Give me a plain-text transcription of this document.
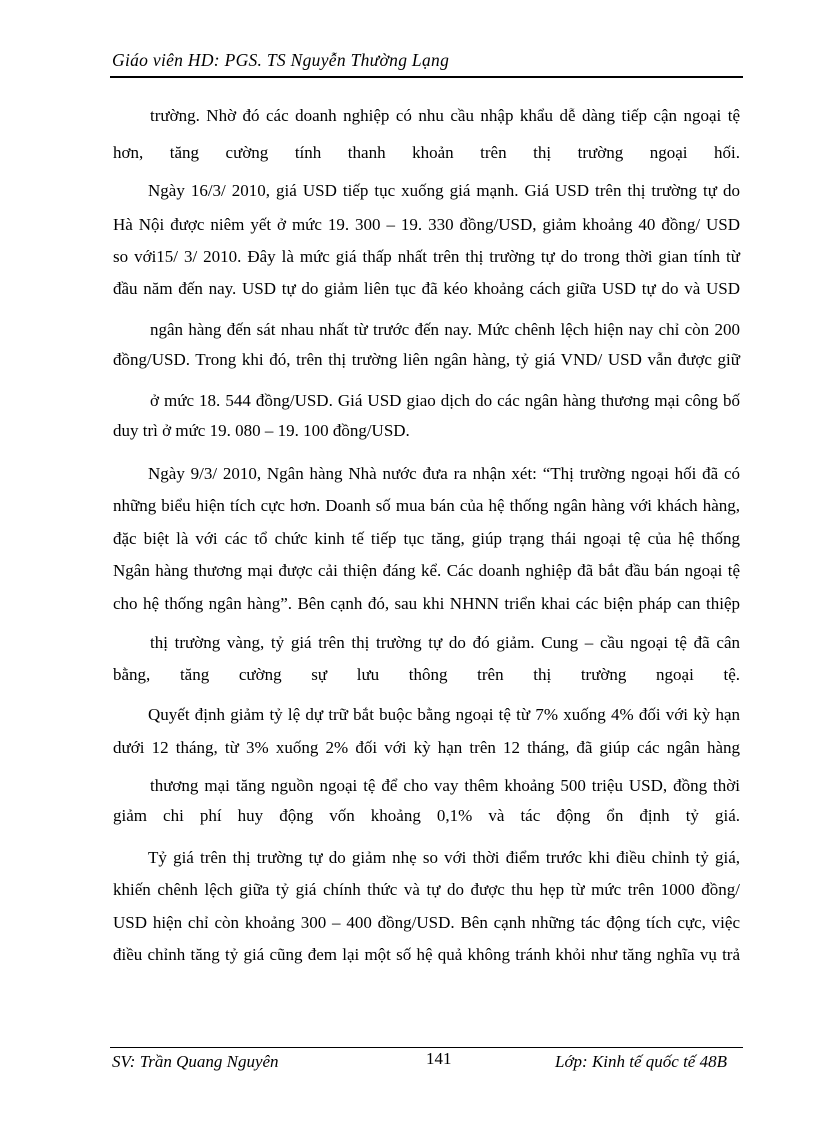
Giáo viên HD: PGS. TS Nguyễn Thường Lạng
trường. Nhờ đó các doanh nghiệp có nhu cầu nhập khẩu dễ dàng tiếp cận ngoại tệ
hơn, tăng cường tính thanh khoản trên thị trường ngoại hối.
Ngày 16/3/ 2010, giá USD tiếp tục xuống giá mạnh. Giá USD trên thị trường tự do
Hà Nội được niêm yết ở mức 19. 300 – 19. 330 đồng/USD, giảm khoảng 40 đồng/ USD
so với15/ 3/ 2010. Đây là mức giá thấp nhất trên thị trường tự do trong thời gian tính từ
đầu năm đến nay. USD tự do giảm liên tục đã kéo khoảng cách giữa USD tự do và USD
ngân hàng đến sát nhau nhất từ trước đến nay. Mức chênh lệch hiện nay chỉ còn 200
đồng/USD. Trong khi đó, trên thị trường liên ngân hàng, tỷ giá VND/ USD vẫn được giữ
ở mức 18. 544 đồng/USD. Giá USD giao dịch do các ngân hàng thương mại công bố
duy trì ở mức 19. 080 – 19. 100 đồng/USD.
Ngày 9/3/ 2010, Ngân hàng Nhà nước đưa ra nhận xét: “Thị trường ngoại hối đã có
những biểu hiện tích cực hơn. Doanh số mua bán của hệ thống ngân hàng với khách hàng,
đặc biệt là với các tổ chức kinh tế tiếp tục tăng, giúp trạng thái ngoại tệ của hệ thống
Ngân hàng thương mại được cải thiện đáng kể. Các doanh nghiệp đã bắt đầu bán ngoại tệ
cho hệ thống ngân hàng”. Bên cạnh đó, sau khi NHNN triển khai các biện pháp can thiệp
thị trường vàng, tỷ giá trên thị trường tự do đó giảm. Cung – cầu ngoại tệ đã cân
bằng, tăng cường sự lưu thông trên thị trường ngoại tệ.
Quyết định giảm tỷ lệ dự trữ bắt buộc bằng ngoại tệ từ 7% xuống 4% đối với kỳ hạn
dưới 12 tháng, từ 3% xuống 2% đối với kỳ hạn trên 12 tháng, đã giúp các ngân hàng
thương mại tăng nguồn ngoại tệ để cho vay thêm khoảng 500 triệu USD, đồng thời
giảm chi phí huy động vốn khoảng 0,1% và tác động ổn định tỷ giá.
Tỷ giá trên thị trường tự do giảm nhẹ so với thời điểm trước khi điều chỉnh tỷ giá,
khiến chênh lệch giữa tỷ giá chính thức và tự do được thu hẹp từ mức trên 1000 đồng/
USD hiện chỉ còn khoảng 300 – 400 đồng/USD. Bên cạnh những tác động tích cực, việc
điều chỉnh tăng tỷ giá cũng đem lại một số hệ quả không tránh khỏi như tăng nghĩa vụ trả
SV: Trần Quang Nguyên	141	Lớp: Kinh tế quốc tế 48B
